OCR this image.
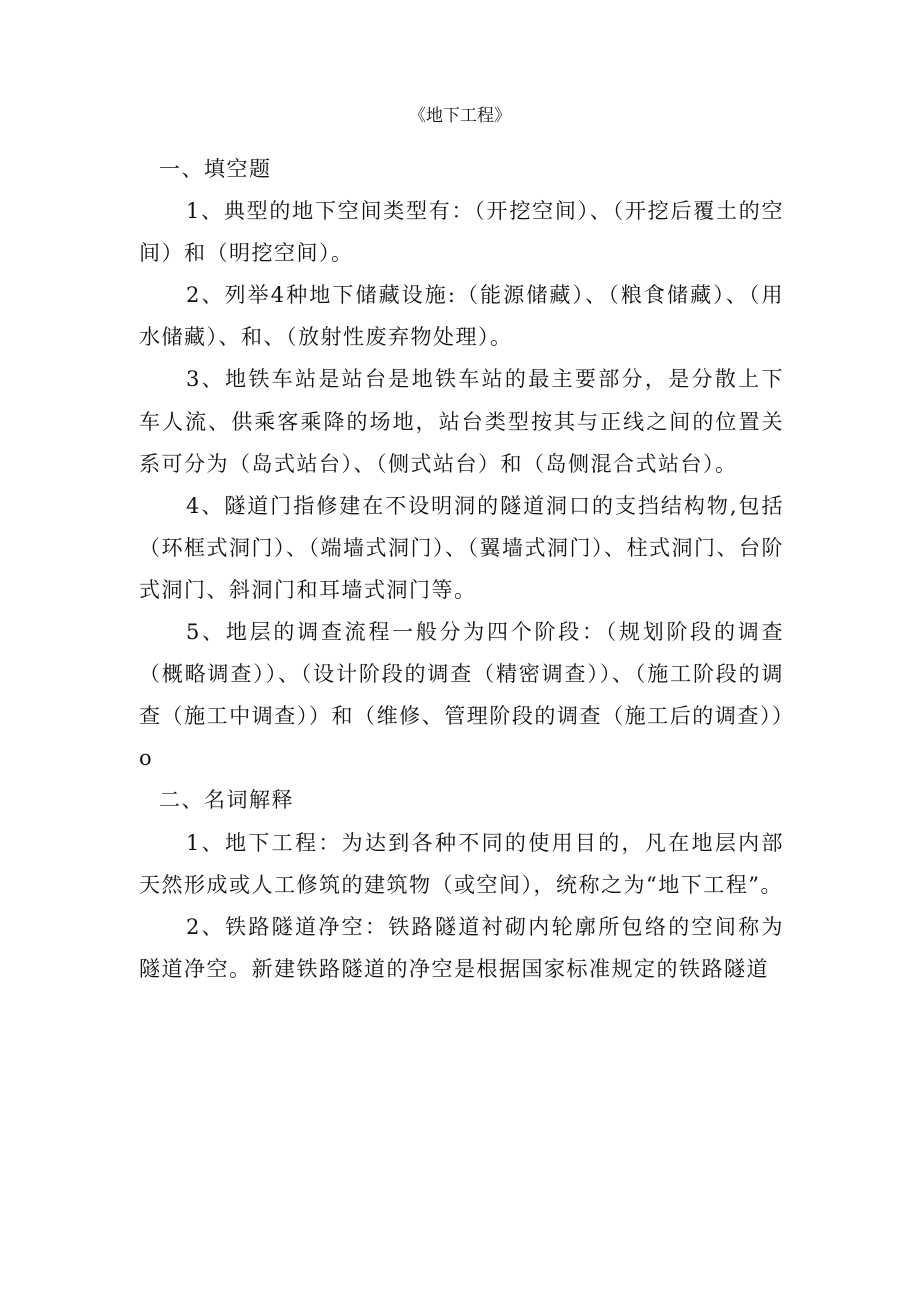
《地下工程》

一、填空题

1、典型的地下空间类型有：（开挖空间）、（开挖后覆土的空间）和（明挖空间）。

2、列举4种地下储藏设施:（能源储藏）、（粮食储藏）、（用水储藏）、和、（放射性废弃物处理）。

3、地铁车站是站台是地铁车站的最主要部分，是分散上下车人流、供乘客乘降的场地，站台类型按其与正线之间的位置关系可分为（岛式站台）、（侧式站台）和（岛侧混合式站台）。

4、隧道门指修建在不设明洞的隧道洞口的支挡结构物,包括（环框式洞门）、（端墙式洞门）、（翼墙式洞门）、柱式洞门、台阶式洞门、斜洞门和耳墙式洞门等。

5、地层的调查流程一般分为四个阶段：（规划阶段的调查（概略调查））、（设计阶段的调查（精密调查））、（施工阶段的调查（施工中调查））和（维修、管理阶段的调查（施工后的调查））o

二、名词解释

1、地下工程：为达到各种不同的使用目的，凡在地层内部天然形成或人工修筑的建筑物（或空间），统称之为“地下工程”。

2、铁路隧道净空：铁路隧道衬砌内轮廓所包络的空间称为隧道净空。新建铁路隧道的净空是根据国家标准规定的铁路隧道
